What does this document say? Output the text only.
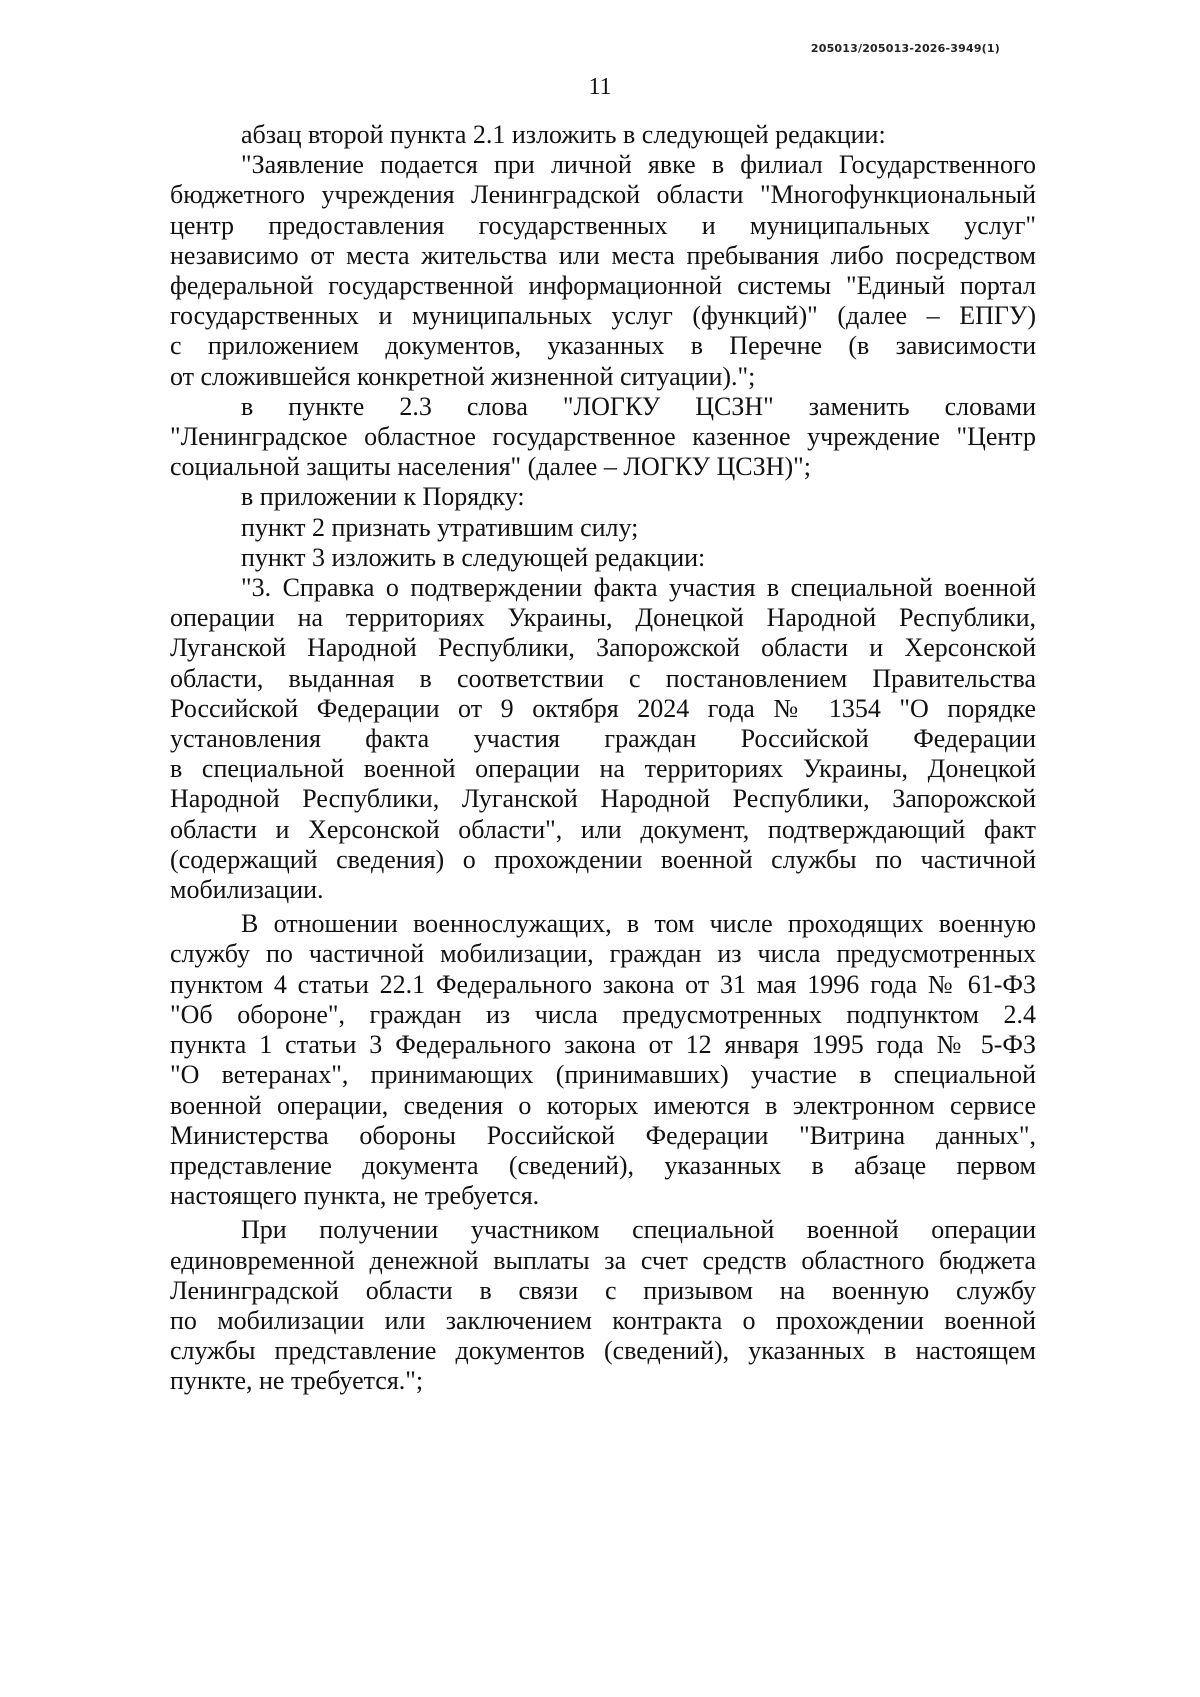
205013/205013-2026-3949(1)
11
абзац второй пункта 2.1 изложить в следующей редакции:
"Заявление подается при личной явке в филиал Государственного
бюджетного учреждения Ленинградской области "Многофункциональный
центр предоставления государственных и муниципальных услуг"
независимо от места жительства или места пребывания либо посредством
федеральной государственной информационной системы "Единый портал
государственных и муниципальных услуг (функций)" (далее – ЕПГУ)
с приложением документов, указанных в Перечне (в зависимости
от сложившейся конкретной жизненной ситуации).";
в пункте 2.3 слова "ЛОГКУ ЦСЗН" заменить словами
"Ленинградское областное государственное казенное учреждение "Центр
социальной защиты населения" (далее – ЛОГКУ ЦСЗН)";
в приложении к Порядку:
пункт 2 признать утратившим силу;
пункт 3 изложить в следующей редакции:
"3. Справка о подтверждении факта участия в специальной военной
операции на территориях Украины, Донецкой Народной Республики,
Луганской Народной Республики, Запорожской области и Херсонской
области, выданная в соответствии с постановлением Правительства
Российской Федерации от 9 октября 2024 года № 1354 "О порядке
установления факта участия граждан Российской Федерации
в специальной военной операции на территориях Украины, Донецкой
Народной Республики, Луганской Народной Республики, Запорожской
области и Херсонской области", или документ, подтверждающий факт
(содержащий сведения) о прохождении военной службы по частичной
мобилизации.
В отношении военнослужащих, в том числе проходящих военную
службу по частичной мобилизации, граждан из числа предусмотренных
пунктом 4 статьи 22.1 Федерального закона от 31 мая 1996 года № 61-ФЗ
"Об обороне", граждан из числа предусмотренных подпунктом 2.4
пункта 1 статьи 3 Федерального закона от 12 января 1995 года № 5-ФЗ
"О ветеранах", принимающих (принимавших) участие в специальной
военной операции, сведения о которых имеются в электронном сервисе
Министерства обороны Российской Федерации "Витрина данных",
представление документа (сведений), указанных в абзаце первом
настоящего пункта, не требуется.
При получении участником специальной военной операции
единовременной денежной выплаты за счет средств областного бюджета
Ленинградской области в связи с призывом на военную службу
по мобилизации или заключением контракта о прохождении военной
службы представление документов (сведений), указанных в настоящем
пункте, не требуется.";
